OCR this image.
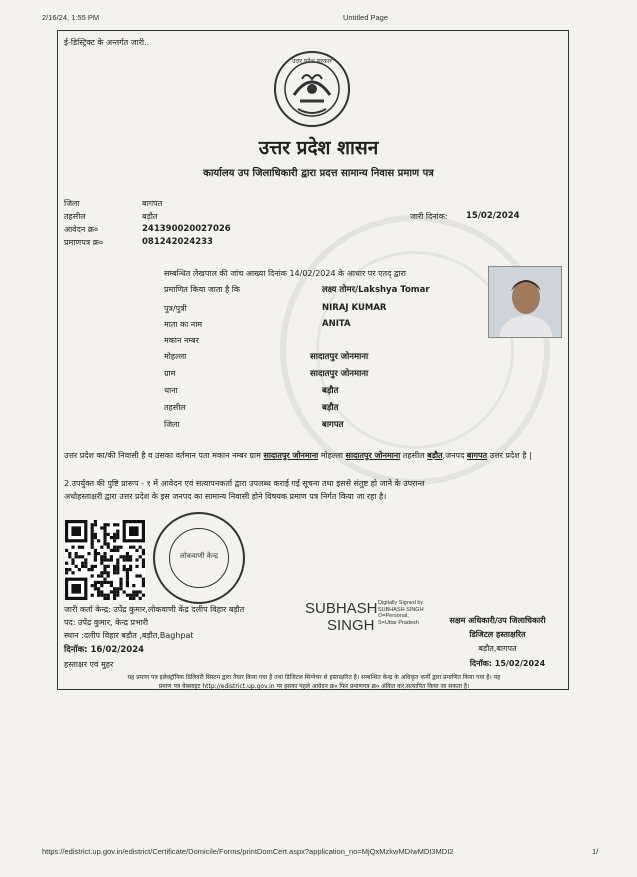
2/16/24, 1:55 PM	Untitled Page
ई-डिस्ट्रिक्ट के अन्तर्गत जारी..
उत्तर प्रदेश सरकार
उत्तर प्रदेश शासन
कार्यालय उप जिलाधिकारी द्वारा प्रदत्त सामान्य निवास प्रमाण पत्र
जिला	बागपत
तहसील	बड़ौत
आवेदन क्र०	241390020027026
प्रमाणपत्र क्र०	081242024233
जारी दिनांक: 15/02/2024
सम्बन्धित लेखपाल की जांच आख्या दिनांक 14/02/2024 के आधार पर एतद् द्वारा
प्रमाणित किया जाता है कि	लक्ष्य तोमर/Lakshya Tomar
पुत्र/पुत्री	NIRAJ KUMAR
माता का नाम	ANITA
मकान नम्बर
मोहल्ला	सादातपुर जोनमाना
ग्राम	सादातपुर जोनमाना
थाना	बड़ौत
तहसील	बड़ौत
जिला	बागपत
उत्तर प्रदेश का/की निवासी है व उसका वर्तमान पता मकान नम्बर ग्राम सादातपुर जोनमाना मोहल्ला सादातपुर जोनमाना तहसील बड़ौत,जनपद बागपत उत्तर प्रदेश है |
2.उपर्युक्त की पुष्टि प्रारूप - १ में आवेदन एवं सत्यापनकर्ता द्वारा उपलब्ध कराई गई सूचना तथा इससे संतुष्ट हो जाने के उपरान्त
अधोहस्ताक्षरी द्वारा उत्तर प्रदेश के इस जनपद का सामान्य निवासी होने विषयक प्रमाण पत्र निर्गत किया जा रहा है।
लोकवाणी केन्द्र
जारी कर्ता केन्द्र: उपेंद्र कुमार,लोकवाणी केंद्र दलीप विहार बड़ौत
पद: उपेंद्र कुमार, केन्द्र प्रभारी
स्थान :दलीप विहार बड़ौत ,बड़ौत,Baghpat
दिनॉक: 16/02/2024
हस्ताक्षर एवं मुहर
SUBHASH
SINGH
Digitally Signed by
SUBHASH SINGH
O=Personal,
S=Uttar Pradesh	सक्षम अधिकारी/उप जिलाधिकारी
डिजिटल हस्ताक्षरित
बड़ौत,बागपत
दिनॉक: 15/02/2024
यह प्रमाण पत्र इलेक्ट्रॉनिक डिलिवरी सिस्टम द्वारा तैयार किया गया है तथा डिजिटल सिग्नेचर से हस्ताक्षरित है। सम्बन्धित केन्द्र के अधिकृत कर्मी द्वारा प्रमाणित किया गया है। यह
प्रमाण पत्र वेबसाइट http://edistrict.up.gov.in पर इसका पहले आवेदन क्र० फिर प्रमाणपत्र क्र० अंकित कर,सत्यापित किया जा सकता है।
https://edistrict.up.gov.in/edistrict/Certificate/Domicile/Forms/printDomCert.aspx?application_no=MjQxMzkwMDIwMDI3MDI2	1/
